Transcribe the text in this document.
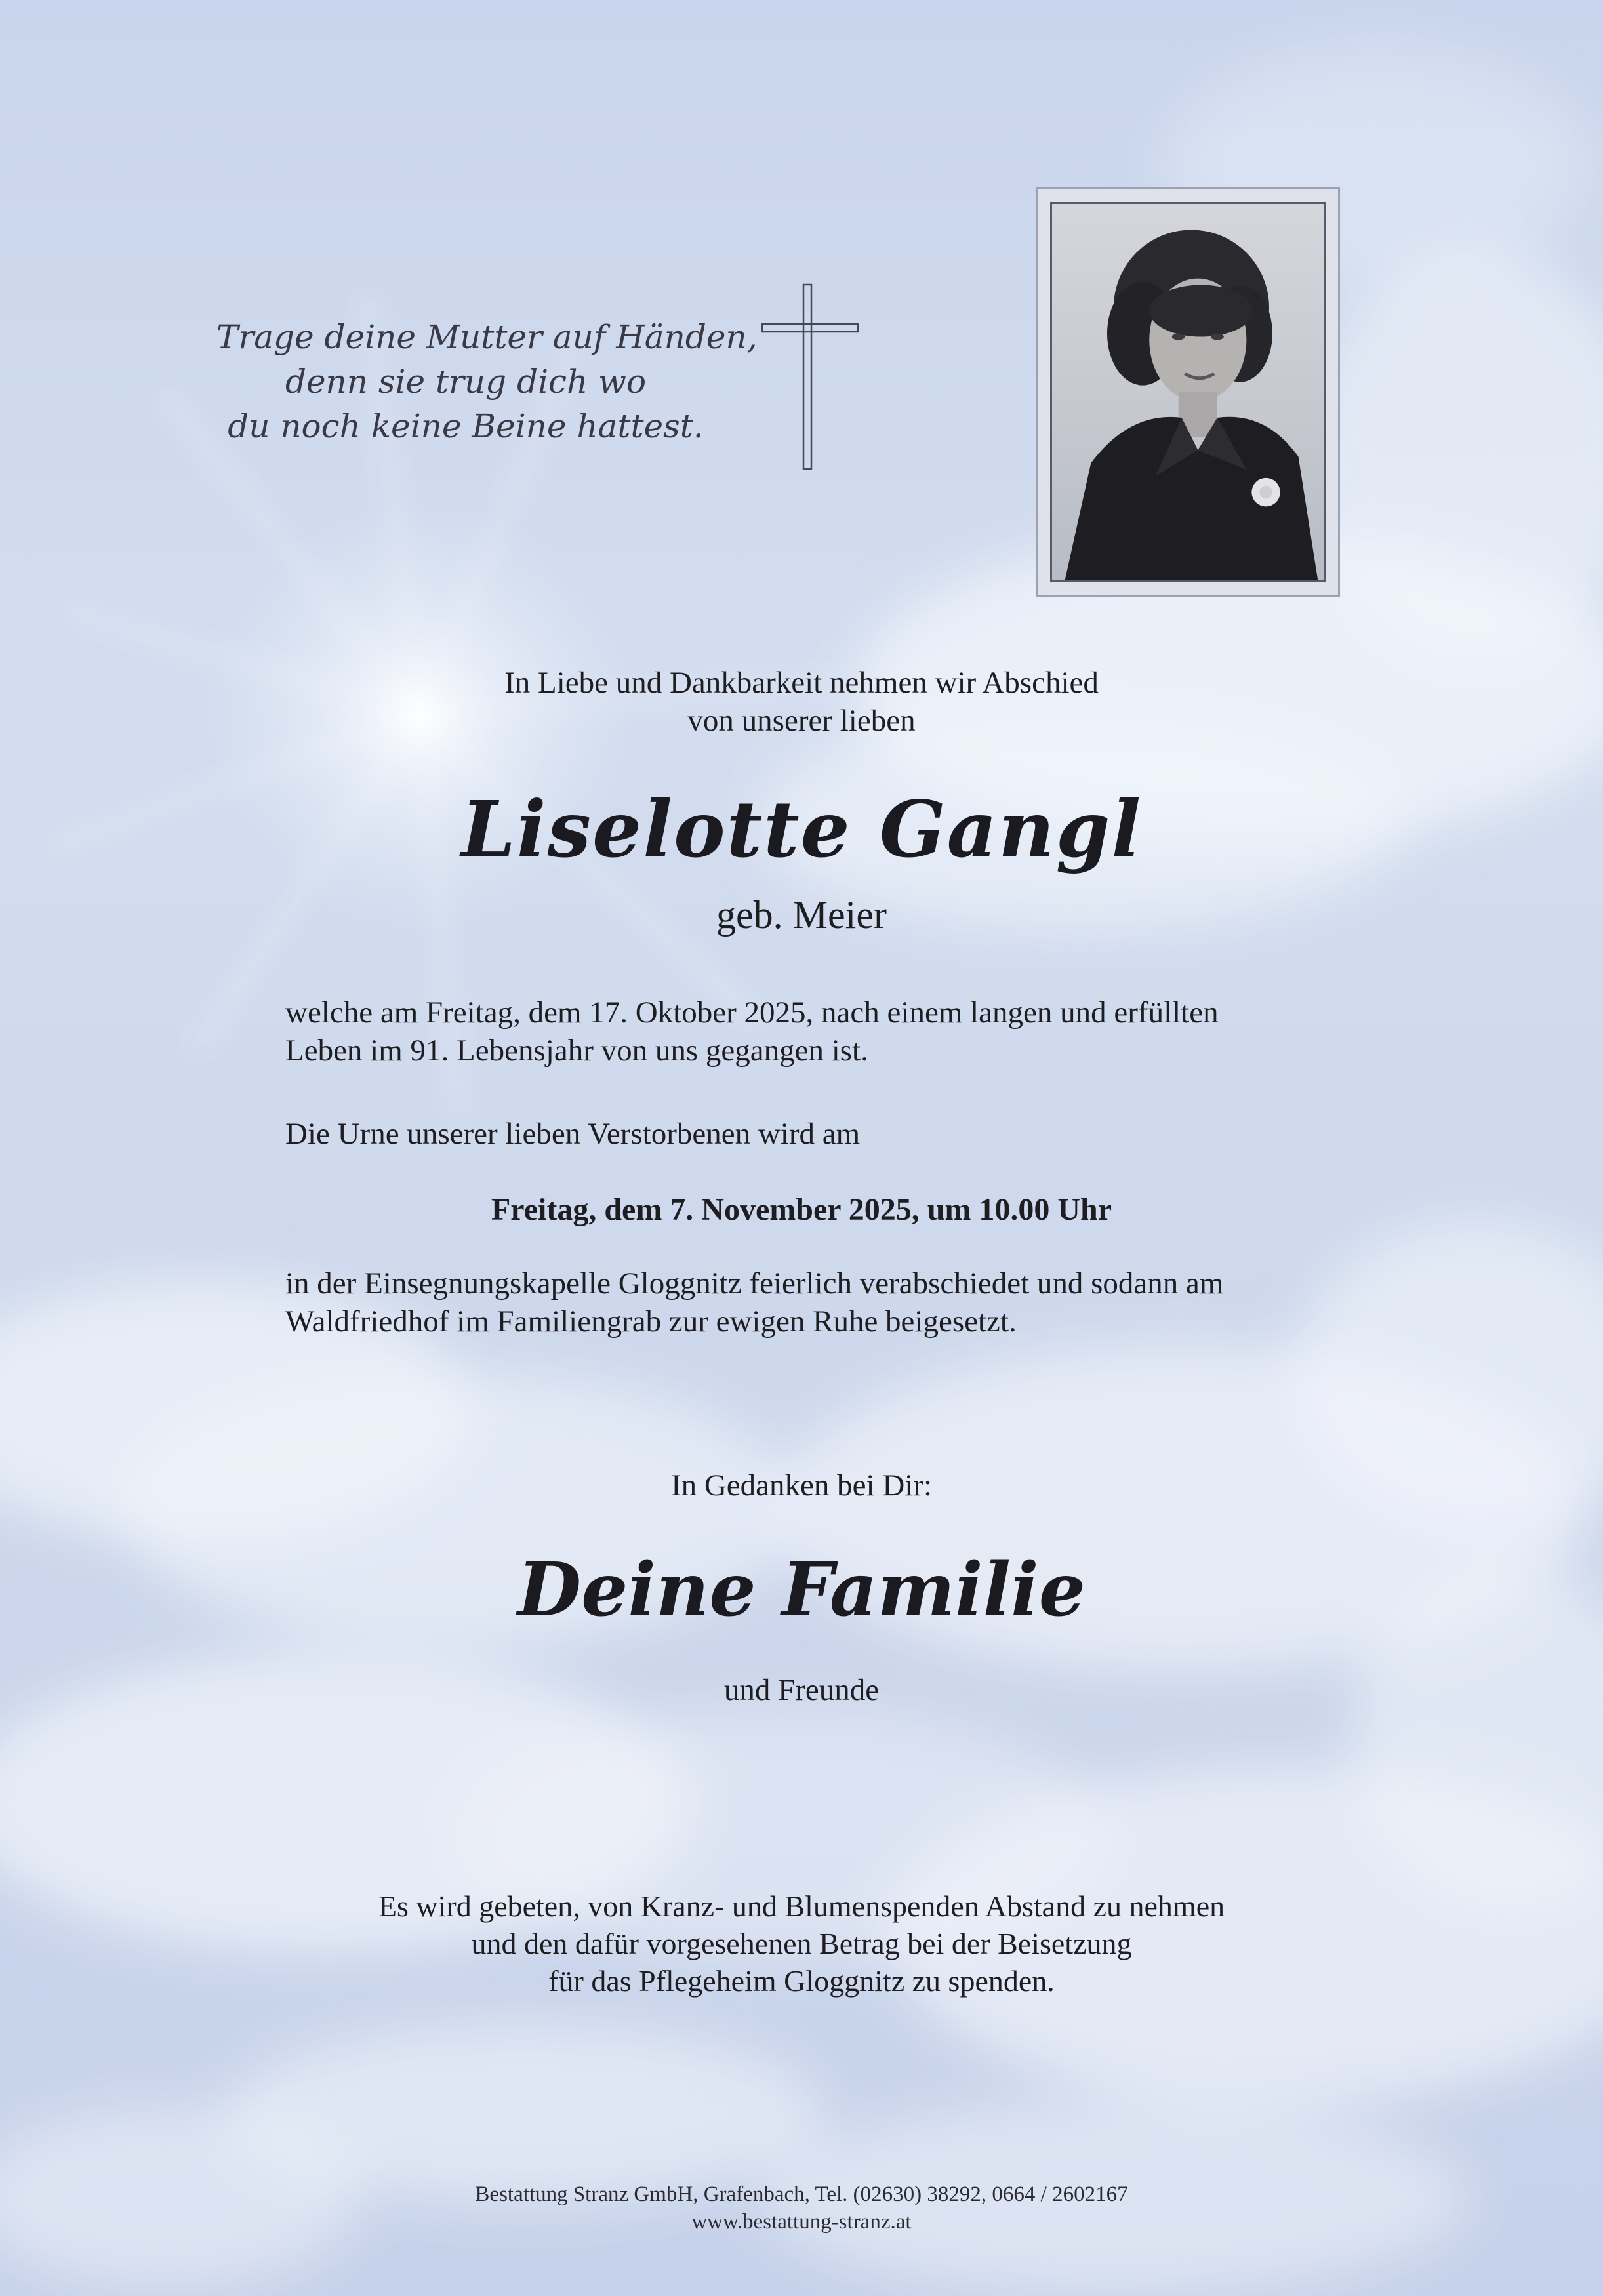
Trage deine Mutter auf Händen,
denn sie trug dich wo
du noch keine Beine hattest.
In Liebe und Dankbarkeit nehmen wir Abschied
von unserer lieben
Liselotte Gangl
geb. Meier
welche am Freitag, dem 17. Oktober 2025, nach einem langen und erfüllten
Leben im 91. Lebensjahr von uns gegangen ist.
Die Urne unserer lieben Verstorbenen wird am
Freitag, dem 7. November 2025, um 10.00 Uhr
in der Einsegnungskapelle Gloggnitz feierlich verabschiedet und sodann am
Waldfriedhof im Familiengrab zur ewigen Ruhe beigesetzt.
In Gedanken bei Dir:
Deine Familie
und Freunde
Es wird gebeten, von Kranz- und Blumenspenden Abstand zu nehmen
und den dafür vorgesehenen Betrag bei der Beisetzung
für das Pflegeheim Gloggnitz zu spenden.
Bestattung Stranz GmbH, Grafenbach, Tel. (02630) 38292, 0664 / 2602167
www.bestattung-stranz.at
